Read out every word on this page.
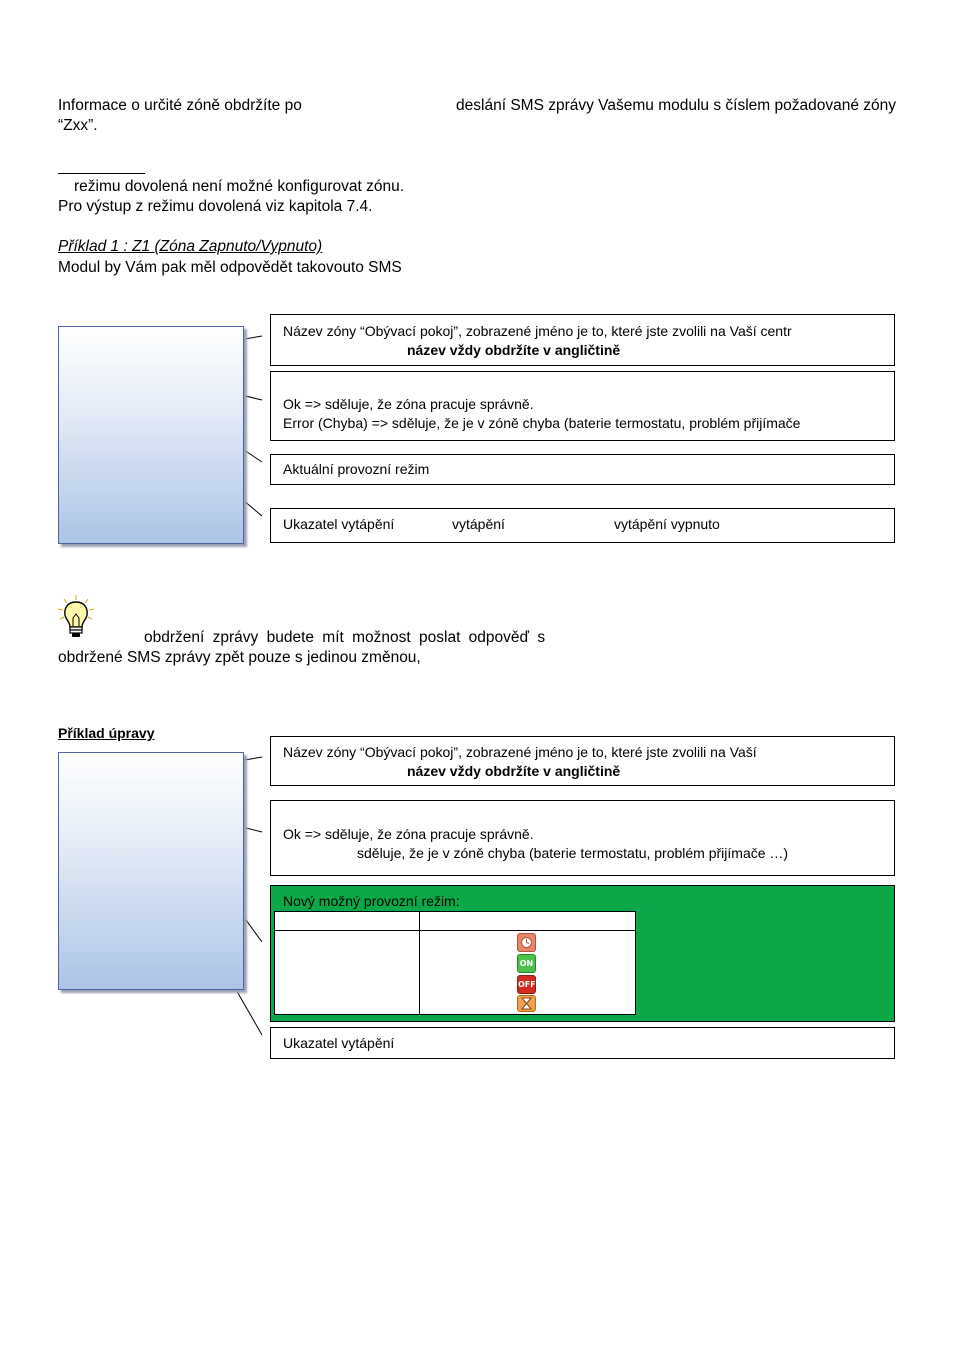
Informace o určité zóně obdržíte po	deslání SMS zprávy Vašemu modulu s číslem požadované zóny
“Zxx”.
režimu dovolená není možné konfigurovat zónu.
Pro výstup z režimu dovolená viz kapitola 7.4.
Příklad 1 : Z1 (Zóna Zapnuto/Vypnuto)
Modul by Vám pak měl odpovědět takovouto SMS
Název zóny “Obývací pokoj”, zobrazené jméno je to, které jste zvolili na Vaší centr
název vždy obdržíte v angličtině
Ok => sděluje, že zóna pracuje správně.
Error (Chyba) => sděluje, že je v zóně chyba (baterie termostatu, problém přijímače
Aktuální provozní režim
Ukazatel vytápění	vytápění	vytápění vypnuto
obdržení zprávy budete mít možnost poslat odpověď s
obdržené SMS zprávy zpět pouze s jedinou změnou,
Příklad úpravy
Název zóny “Obývací pokoj”, zobrazené jméno je to, které jste zvolili na Vaší
název vždy obdržíte v angličtině
Ok => sděluje, že zóna pracuje správně.
sděluje, že je v zóně chyba (baterie termostatu, problém přijímače …)
Nový možný provozní režim:

	ON
OFF
Ukazatel vytápění
